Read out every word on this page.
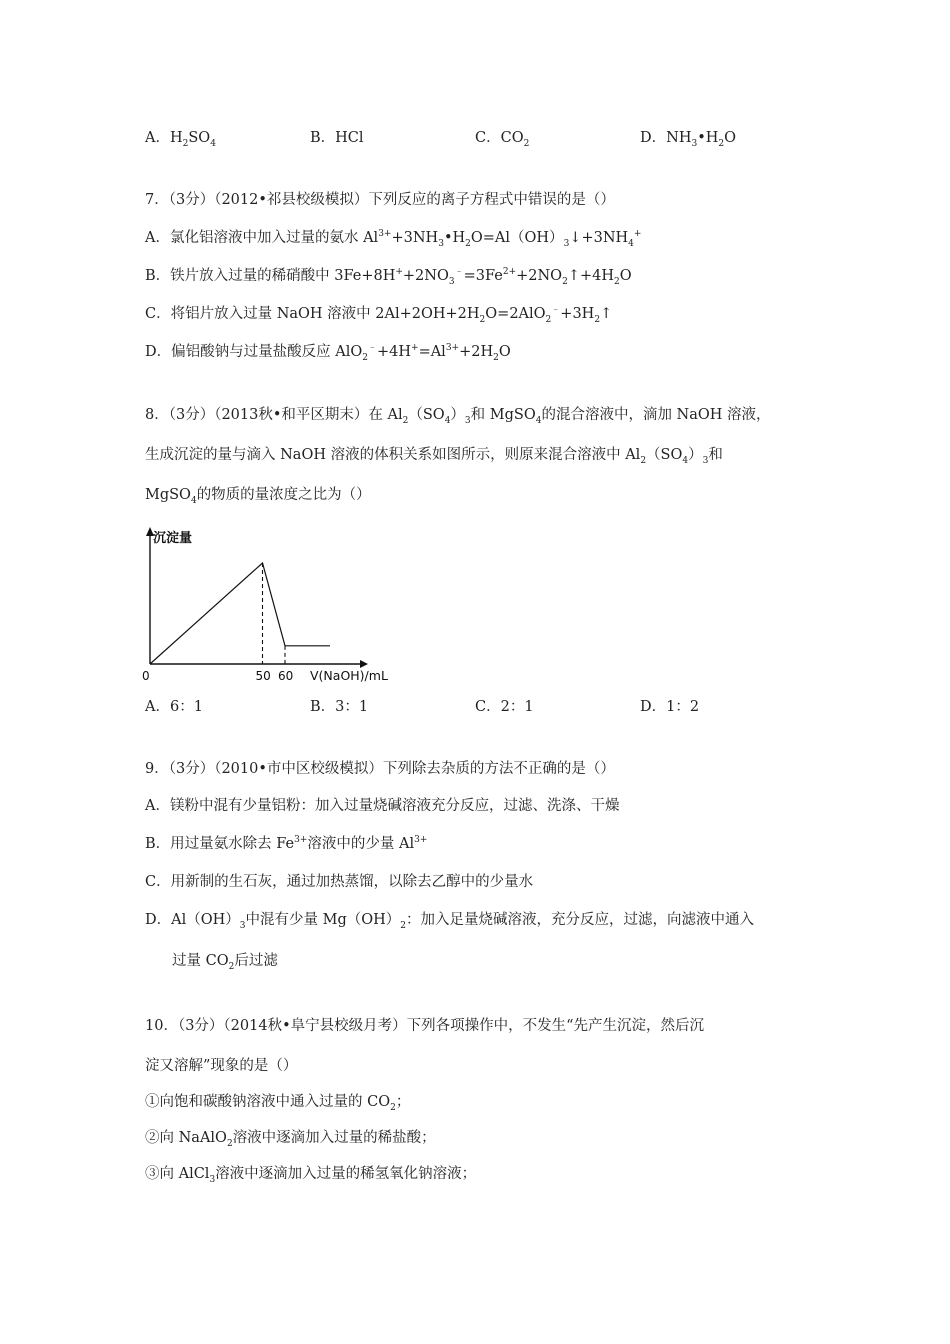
A．$H_2SO_4$	B．HCl	C．$CO_2$	D．$NH_3•H_2O$
7．（3分）（2012•祁县校级模拟）下列反应的离子方程式中错误的是（）
A．氯化铝溶液中加入过量的氨水 $Al^{3+}+3NH_3•H_2O=Al(OH)_3↓+3NH_4^+$
B．铁片放入过量的稀硝酸中 $3Fe+8H^++2NO_3^﹣=3Fe^{2+}+2NO_2↑+4H_2O$
C．将铝片放入过量 NaOH 溶液中 $2Al+2OH+2H_2O=2AlO_2^﹣+3H_2↑$
D．偏铝酸钠与过量盐酸反应 $AlO_2^﹣+4H^+=Al^{3+}+2H_2O$
8．（3分）（2013秋•和平区期末）在 $Al_2(SO_4)_3$和 MgSO$_4$的混合溶液中，滴加 NaOH 溶液，
生成沉淀的量与滴入 NaOH 溶液的体积关系如图所示，则原来混合溶液中 $Al_2(SO_4)_3$和
MgSO$_4$的物质的量浓度之比为（）
0	50 60
沉淀量
V(NaOH)/mL
A．6：1	B．3：1	C．2：1	D．1：2
9．（3分）（2010•市中区校级模拟）下列除去杂质的方法不正确的是（）
A．镁粉中混有少量铝粉：加入过量烧碱溶液充分反应，过滤、洗涤、干燥
B．用过量氨水除去 $Fe^{3+}$溶液中的少量 $Al^{3+}$
C．用新制的生石灰，通过加热蒸馏，以除去乙醇中的少量水
D．$Al(OH)_3$中混有少量 $Mg(OH)_2$：加入足量烧碱溶液，充分反应，过滤，向滤液中通入
过量 $CO_2$后过滤
10．（3分）（2014秋•阜宁县校级月考）下列各项操作中，不发生“先产生沉淀，然后沉
淀又溶解”现象的是（）
①向饱和碳酸钠溶液中通入过量的 $CO_2$；
②向 NaAlO$_2$溶液中逐滴加入过量的稀盐酸；
③向 AlCl$_3$溶液中逐滴加入过量的稀氢氧化钠溶液；
